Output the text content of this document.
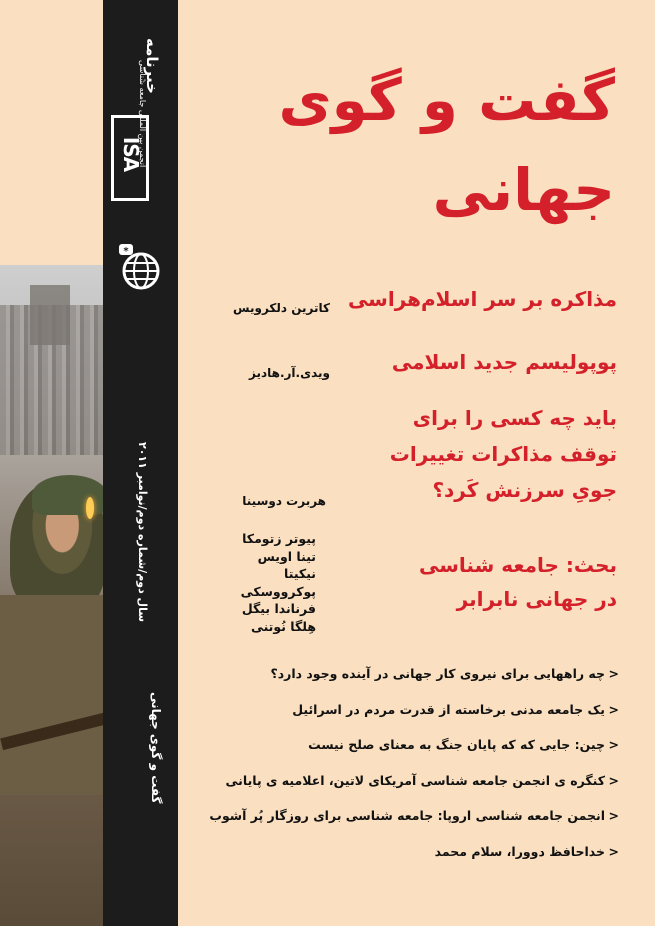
خبرنامه
انجمن بین المللی جامعه شناسی
ISA
*
سال دوم/شماره دوم/نوامبر ۲۰۱۱
گفت و گوی جهانی
گفت و گوی
جهانی
مذاکره بر سر اسلام‌هراسی
کاترین دلکرویس
پوپولیسم جدید اسلامی
ویدی.آر.هادیز
باید چه کسی را برای
توقف مذاکرات تغییرات
جویِ سرزنش کَرد؟
هربرت دوسینا
پیوتر زتومکا
تینا اویس
نیکیتا
پوکرووسکی
فرناندا بیگل
هِلگا نُوتنی
بحث: جامعه شناسی
در جهانی نابرابر
<
چه راههایی برای نیروی کار جهانی در آینده وجود دارد؟
<
یک جامعه مدنی برخاسته از قدرت مردم در اسرائیل
<
چین: جایی که که پایان جنگ به معنای صلح نیست
<
کنگره ی انجمن جامعه شناسی آمریکای لاتین، اعلامیه ی پایانی
<
انجمن جامعه شناسی اروپا: جامعه شناسی برای روزگار پُر آشوب
<
خداحافظ دوورا، سلام محمد
